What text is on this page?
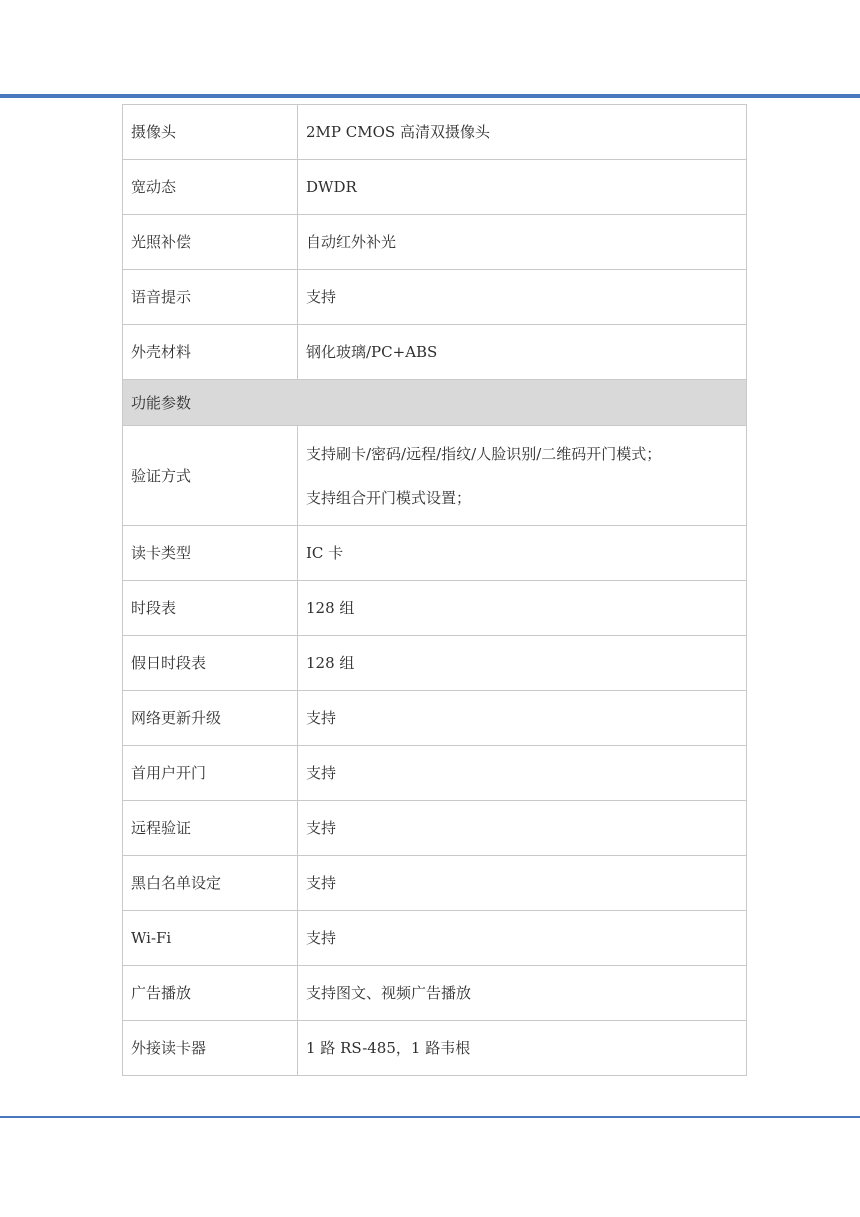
摄像头	2MP CMOS 高清双摄像头
宽动态	DWDR
光照补偿	自动红外补光
语音提示	支持
外壳材料	钢化玻璃/PC+ABS
功能参数	
验证方式	支持刷卡/密码/远程/指纹/人脸识别/二维码开门模式；
支持组合开门模式设置；

读卡类型	IC 卡
时段表	128 组
假日时段表	128 组
网络更新升级	支持
首用户开门	支持
远程验证	支持
黑白名单设定	支持
Wi-Fi	支持
广告播放	支持图文、视频广告播放
外接读卡器	1 路 RS-485，1 路韦根
